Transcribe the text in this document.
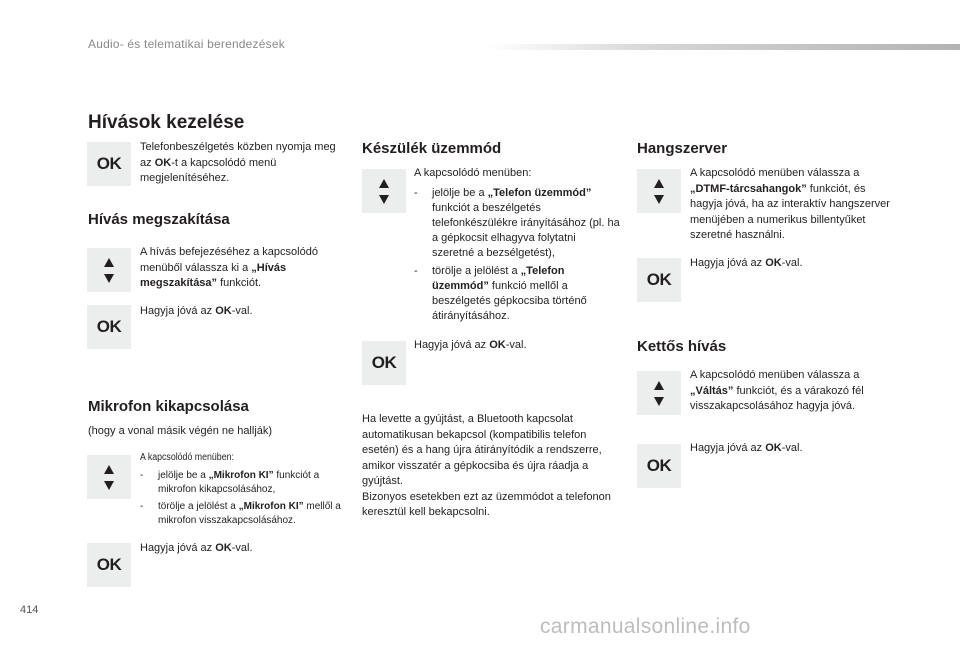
Audio- és telematikai berendezések
Hívások kezelése
OK

Telefonbeszélgetés közben nyomja meg az OK-t a kapcsolódó menü megjelenítéséhez.

Hívás megszakítása

A hívás befejezéséhez a kapcsolódó menüből válassza ki a „Hívás megszakítása” funkciót.

OK

Hagyja jóvá az OK-val.

Mikrofon kikapcsolása

(hogy a vonal másik végén ne hallják)

A kapcsolódó menüben:

- jelölje be a „Mikrofon KI” funkciót a mikrofon kikapcsolásához,
- törölje a jelölést a „Mikrofon KI” mellől a mikrofon visszakapcsolásához.
OK

Hagyja jóvá az OK-val.

Készülék üzemmód

A kapcsolódó menüben:

- jelölje be a „Telefon üzemmód” funkciót a beszélgetés telefonkészülékre irányításához (pl. ha a gépkocsit elhagyva folytatni szeretné a bezsélgetést),
- törölje a jelölést a „Telefon üzemmód” funkció mellől a beszélgetés gépkocsiba történő átirányításához.
OK

Hagyja jóvá az OK-val.

Ha levette a gyújtást, a Bluetooth kapcsolat automatikusan bekapcsol (kompatibilis telefon esetén) és a hang újra átirányítódik a rendszerre, amikor visszatér a gépkocsiba és újra ráadja a gyújtást.

Bizonyos esetekben ezt az üzemmódot a telefonon keresztül kell bekapcsolni.

Hangszerver

A kapcsolódó menüben válassza a „DTMF-tárcsahangok” funkciót, és hagyja jóvá, ha az interaktív hangszerver menüjében a numerikus billentyűket szeretné használni.

OK

Hagyja jóvá az OK-val.

Kettős hívás

A kapcsolódó menüben válassza a „Váltás” funkciót, és a várakozó fél visszakapcsolásához hagyja jóvá.

OK

Hagyja jóvá az OK-val.

414
carmanualsonline.info
